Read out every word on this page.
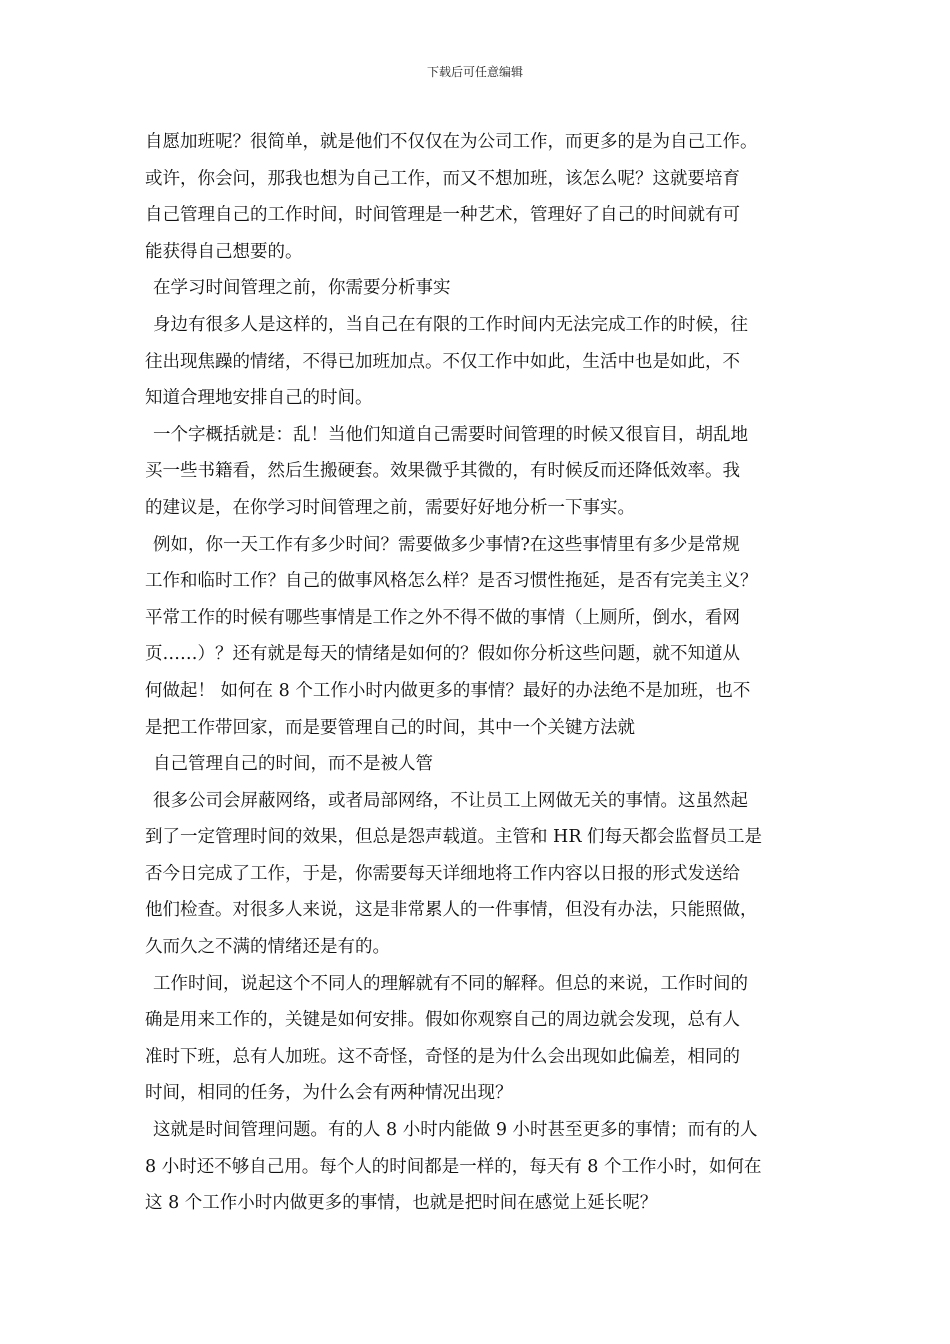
下载后可任意编辑
自愿加班呢？很简单，就是他们不仅仅在为公司工作，而更多的是为自己工作。
或许，你会问，那我也想为自己工作，而又不想加班，该怎么呢？这就要培育
自己管理自己的工作时间，时间管理是一种艺术，管理好了自己的时间就有可
能获得自己想要的。
在学习时间管理之前，你需要分析事实
身边有很多人是这样的，当自己在有限的工作时间内无法完成工作的时候，往
往出现焦躁的情绪，不得已加班加点。不仅工作中如此，生活中也是如此，不
知道合理地安排自己的时间。
一个字概括就是：乱！当他们知道自己需要时间管理的时候又很盲目，胡乱地
买一些书籍看，然后生搬硬套。效果微乎其微的，有时候反而还降低效率。我
的建议是，在你学习时间管理之前，需要好好地分析一下事实。
例如，你一天工作有多少时间？需要做多少事情?在这些事情里有多少是常规
工作和临时工作？自己的做事风格怎么样？是否习惯性拖延，是否有完美主义？
平常工作的时候有哪些事情是工作之外不得不做的事情（上厕所，倒水，看网
页……）？还有就是每天的情绪是如何的？假如你分析这些问题，就不知道从
何做起！ 如何在 8 个工作小时内做更多的事情？最好的办法绝不是加班，也不
是把工作带回家，而是要管理自己的时间，其中一个关键方法就
自己管理自己的时间，而不是被人管
很多公司会屏蔽网络，或者局部网络，不让员工上网做无关的事情。这虽然起
到了一定管理时间的效果，但总是怨声载道。主管和 HR 们每天都会监督员工是
否今日完成了工作，于是，你需要每天详细地将工作内容以日报的形式发送给
他们检查。对很多人来说，这是非常累人的一件事情，但没有办法，只能照做，
久而久之不满的情绪还是有的。
工作时间，说起这个不同人的理解就有不同的解释。但总的来说，工作时间的
确是用来工作的，关键是如何安排。假如你观察自己的周边就会发现，总有人
准时下班，总有人加班。这不奇怪，奇怪的是为什么会出现如此偏差，相同的
时间，相同的任务，为什么会有两种情况出现？
这就是时间管理问题。有的人 8 小时内能做 9 小时甚至更多的事情；而有的人
8 小时还不够自己用。每个人的时间都是一样的，每天有 8 个工作小时，如何在
这 8 个工作小时内做更多的事情，也就是把时间在感觉上延长呢？
